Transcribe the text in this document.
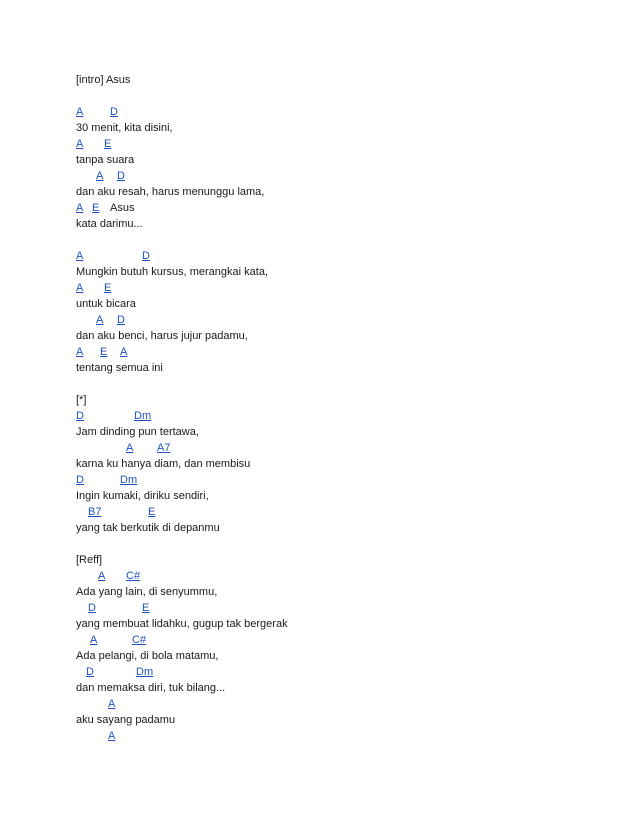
[intro] Asus
A D
30 menit, kita disini,
A E
tanpa suara
A D
dan aku resah, harus menunggu lama,
A E Asus
kata darimu...
A	D
Mungkin butuh kursus, merangkai kata,
A E
untuk bicara
A D
dan aku benci, harus jujur padamu,
A E A
tentang semua ini
[*]
D	Dm
Jam dinding pun tertawa,
A A7
karna ku hanya diam, dan membisu
D	Dm
Ingin kumaki, diriku sendiri,
B7	E
yang tak berkutik di depanmu
[Reff]
A C#
Ada yang lain, di senyummu,
D	E
yang membuat lidahku, gugup tak bergerak
A	C#
Ada pelangi, di bola matamu,
D	Dm
dan memaksa diri, tuk bilang...
A
aku sayang padamu
A
